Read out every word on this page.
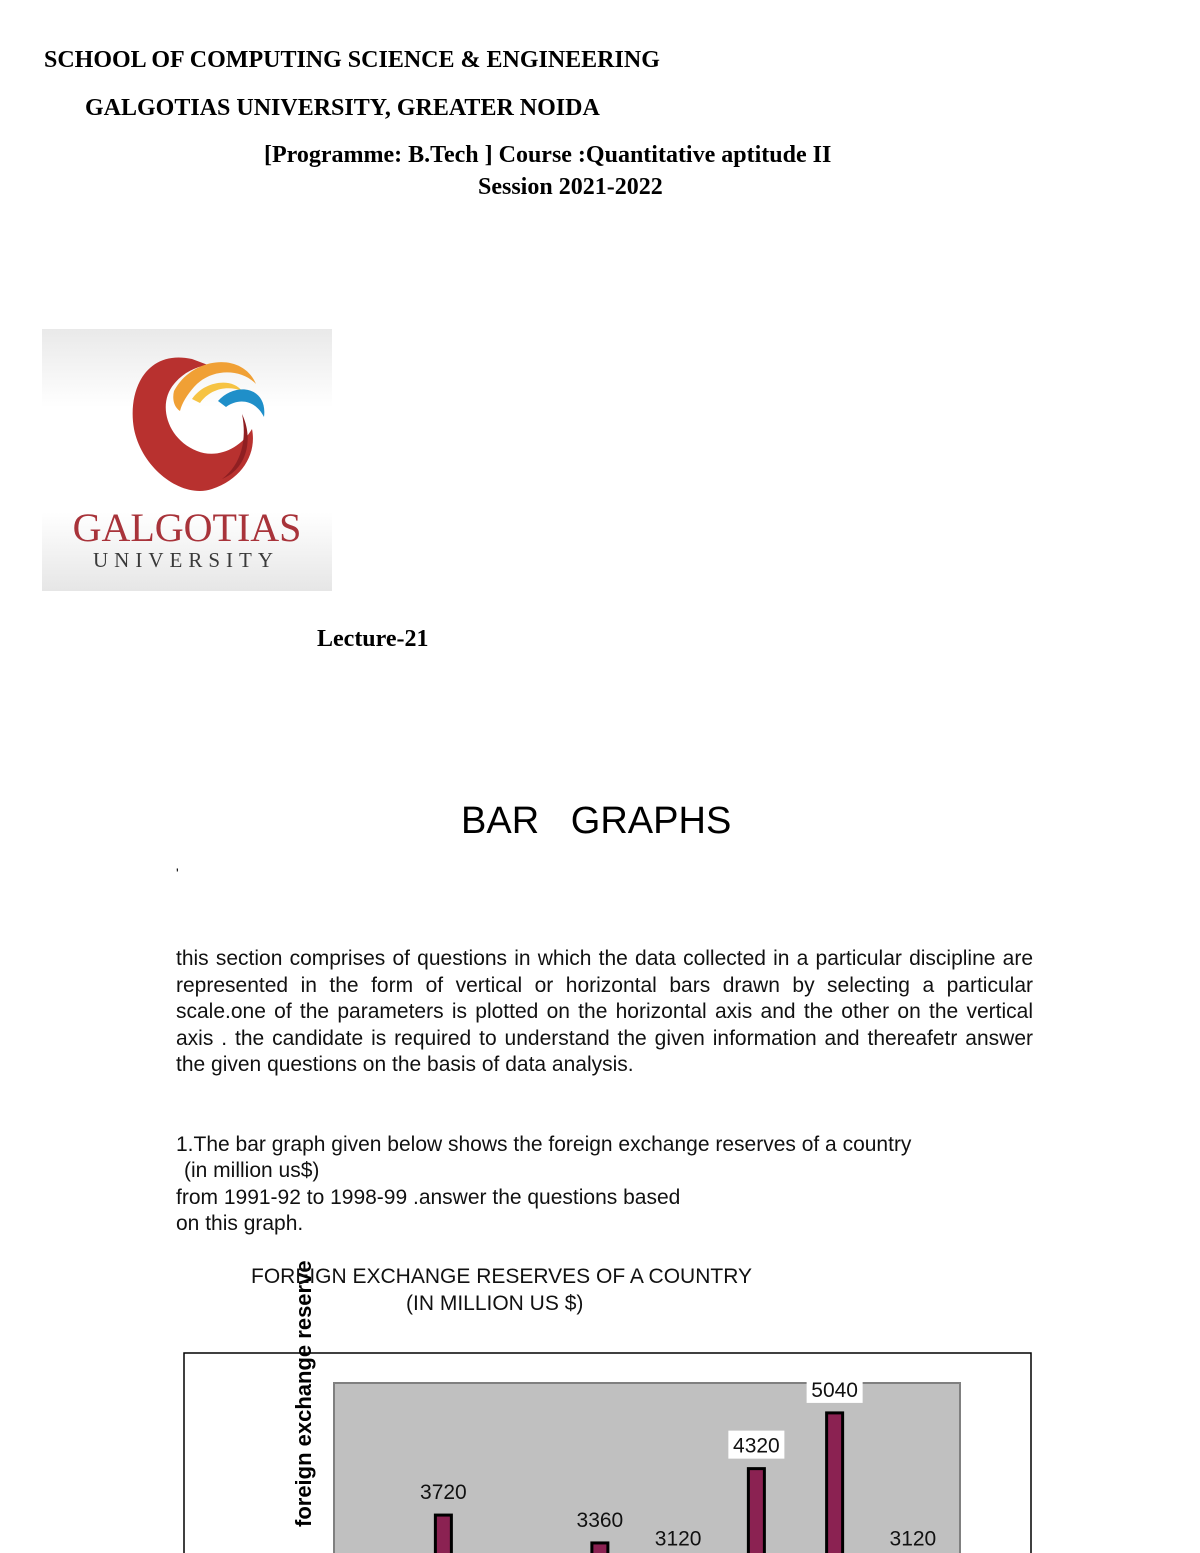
SCHOOL OF COMPUTING SCIENCE & ENGINEERING
GALGOTIAS UNIVERSITY, GREATER NOIDA
[Programme: B.Tech ] Course :Quantitative aptitude II
Session 2021-2022
GALGOTIAS
UNIVERSITY
Lecture-21
BAR   GRAPHS
'
this section comprises of questions in which the data collected in a particular discipline are represented in the form of vertical or horizontal bars drawn by selecting a particular scale.one of the parameters is plotted on the horizontal axis and the other on the vertical axis . the candidate is required to understand the given information and thereafetr answer the given questions on the basis of data analysis.
1.The bar graph given below shows the foreign exchange reserves of a country
(in million us$)
from 1991-92 to 1998-99 .answer the questions based
on this graph.
3720
3360
3120
4320
5040
3120
foreign exchange reserve
FOREIGN EXCHANGE RESERVES OF A COUNTRY
(IN MILLION US $)
